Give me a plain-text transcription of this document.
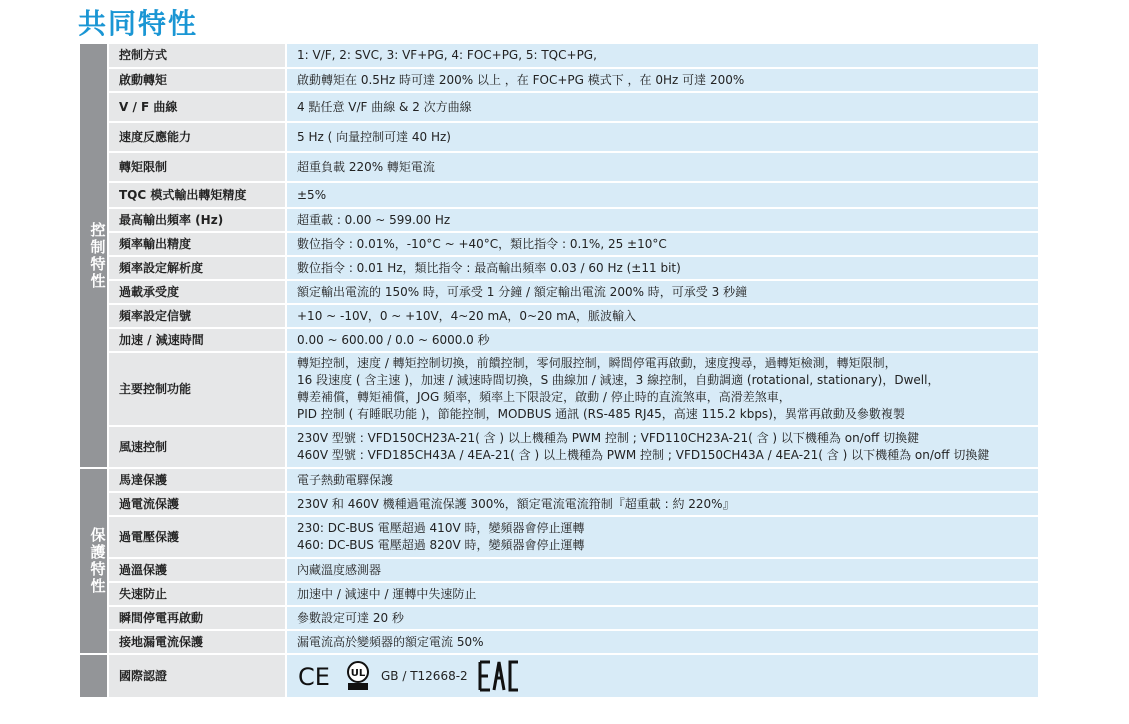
共同特性
控制特性	控制方式	1: V/F, 2: SVC, 3: VF+PG, 4: FOC+PG, 5: TQC+PG,
	啟動轉矩	啟動轉矩在 0.5Hz 時可達 200% 以上 ，在 FOC+PG 模式下 ，在 0Hz 可達 200%
	V / F 曲線	4 點任意 V/F 曲線 & 2 次方曲線
	速度反應能力	5 Hz ( 向量控制可達 40 Hz)
	轉矩限制	超重負載 220% 轉矩電流
	TQC 模式輸出轉矩精度	±5%
	最高輸出頻率 (Hz)	超重載 : 0.00 ~ 599.00 Hz
	頻率輸出精度	數位指令 : 0.01%，-10°C ~ +40°C，類比指令 : 0.1%, 25 ±10°C
	頻率設定解析度	數位指令 : 0.01 Hz，類比指令 : 最高輸出頻率 0.03 / 60 Hz (±11 bit)
	過載承受度	額定輸出電流的 150% 時，可承受 1 分鐘 / 額定輸出電流 200% 時，可承受 3 秒鐘
	頻率設定信號	+10 ~ -10V，0 ~ +10V，4~20 mA，0~20 mA，脈波輸入
	加速 / 減速時間	0.00 ~ 600.00 / 0.0 ~ 6000.0 秒
	主要控制功能	轉矩控制，速度 / 轉矩控制切換，前饋控制，零伺服控制，瞬間停電再啟動，速度搜尋，過轉矩檢測，轉矩限制，
16 段速度 ( 含主速 )，加速 / 減速時間切換，S 曲線加 / 減速，3 線控制，自動調適 (rotational, stationary)，Dwell，
轉差補償，轉矩補償，JOG 頻率，頻率上下限設定，啟動 / 停止時的直流煞車，高滑差煞車，
PID 控制 ( 有睡眠功能 )，節能控制，MODBUS 通訊 (RS-485 RJ45，高速 115.2 kbps)，異常再啟動及參數複製
	風速控制	230V 型號 : VFD150CH23A-21( 含 ) 以上機種為 PWM 控制 ; VFD110CH23A-21( 含 ) 以下機種為 on/off 切換鍵
460V 型號 : VFD185CH43A / 4EA-21( 含 ) 以上機種為 PWM 控制 ; VFD150CH43A / 4EA-21( 含 ) 以下機種為 on/off 切換鍵
保護特性	馬達保護	電子熱動電驛保護
	過電流保護	230V 和 460V 機種過電流保護 300%，額定電流電流箝制『超重載 : 約 220%』
	過電壓保護	230: DC-BUS 電壓超過 410V 時，變頻器會停止運轉
460: DC-BUS 電壓超過 820V 時，變頻器會停止運轉
	過溫保護	內藏溫度感測器
	失速防止	加速中 / 減速中 / 運轉中失速防止
	瞬間停電再啟動	參數設定可達 20 秒
	接地漏電流保護	漏電流高於變頻器的額定電流 50%
	國際認證	CE UL GB / T12668-2
